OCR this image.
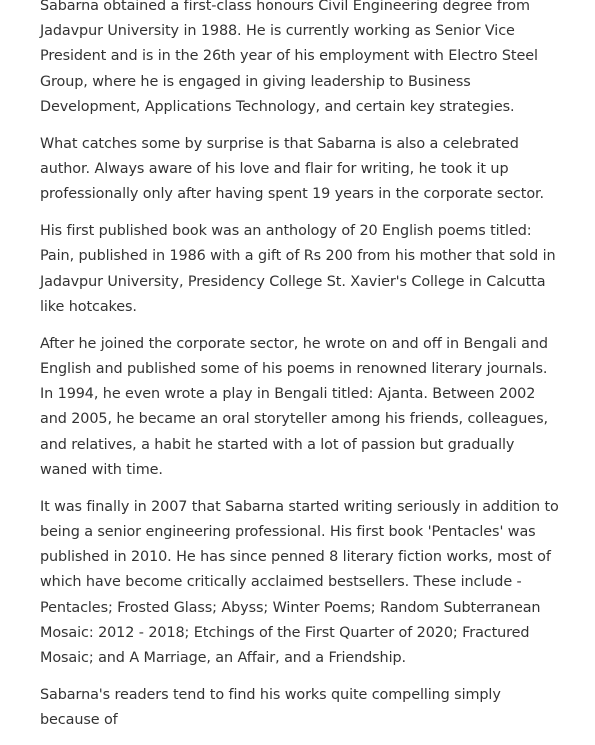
Sabarna obtained a first-class honours Civil Engineering degree from Jadavpur University in 1988. He is currently working as Senior Vice President and is in the 26th year of his employment with Electro Steel Group, where he is engaged in giving leadership to Business Development, Applications Technology, and certain key strategies.

What catches some by surprise is that Sabarna is also a celebrated author. Always aware of his love and flair for writing, he took it up professionally only after having spent 19 years in the corporate sector.

His first published book was an anthology of 20 English poems titled: Pain, published in 1986 with a gift of Rs 200 from his mother that sold in Jadavpur University, Presidency College St. Xavier's College in Calcutta like hotcakes.

After he joined the corporate sector, he wrote on and off in Bengali and English and published some of his poems in renowned literary journals. In 1994, he even wrote a play in Bengali titled: Ajanta. Between 2002 and 2005, he became an oral storyteller among his friends, colleagues, and relatives, a habit he started with a lot of passion but gradually waned with time.

It was finally in 2007 that Sabarna started writing seriously in addition to being a senior engineering professional. His first book 'Pentacles' was published in 2010. He has since penned 8 literary fiction works, most of which have become critically acclaimed bestsellers. These include - Pentacles; Frosted Glass; Abyss; Winter Poems; Random Subterranean Mosaic: 2012 - 2018; Etchings of the First Quarter of 2020; Fractured Mosaic; and A Marriage, an Affair, and a Friendship.

Sabarna's readers tend to find his works quite compelling simply because of
